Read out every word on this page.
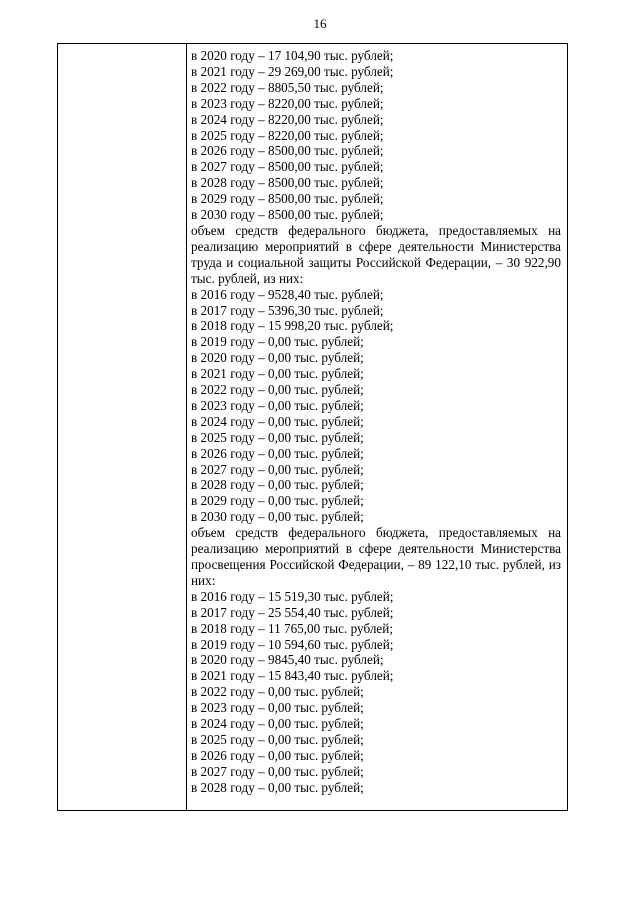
16
в 2020 году – 17 104,90 тыс. рублей;
в 2021 году – 29 269,00 тыс. рублей;
в 2022 году – 8805,50 тыс. рублей;
в 2023 году – 8220,00 тыс. рублей;
в 2024 году – 8220,00 тыс. рублей;
в 2025 году – 8220,00 тыс. рублей;
в 2026 году – 8500,00 тыс. рублей;
в 2027 году – 8500,00 тыс. рублей;
в 2028 году – 8500,00 тыс. рублей;
в 2029 году – 8500,00 тыс. рублей;
в 2030 году – 8500,00 тыс. рублей;
объем средств федерального бюджета, предоставляемых на реализацию мероприятий в сфере деятельности Министерства труда и социальной защиты Российской Федерации, – 30 922,90 тыс. рублей, из них:
в 2016 году – 9528,40 тыс. рублей;
в 2017 году – 5396,30 тыс. рублей;
в 2018 году – 15 998,20 тыс. рублей;
в 2019 году – 0,00 тыс. рублей;
в 2020 году – 0,00 тыс. рублей;
в 2021 году – 0,00 тыс. рублей;
в 2022 году – 0,00 тыс. рублей;
в 2023 году – 0,00 тыс. рублей;
в 2024 году – 0,00 тыс. рублей;
в 2025 году – 0,00 тыс. рублей;
в 2026 году – 0,00 тыс. рублей;
в 2027 году – 0,00 тыс. рублей;
в 2028 году – 0,00 тыс. рублей;
в 2029 году – 0,00 тыс. рублей;
в 2030 году – 0,00 тыс. рублей;
объем средств федерального бюджета, предоставляемых на реализацию мероприятий в сфере деятельности Министерства просвещения Российской Федерации, – 89 122,10 тыс. рублей, из них:
в 2016 году – 15 519,30 тыс. рублей;
в 2017 году – 25 554,40 тыс. рублей;
в 2018 году – 11 765,00 тыс. рублей;
в 2019 году – 10 594,60 тыс. рублей;
в 2020 году – 9845,40 тыс. рублей;
в 2021 году – 15 843,40 тыс. рублей;
в 2022 году – 0,00 тыс. рублей;
в 2023 году – 0,00 тыс. рублей;
в 2024 году – 0,00 тыс. рублей;
в 2025 году – 0,00 тыс. рублей;
в 2026 году – 0,00 тыс. рублей;
в 2027 году – 0,00 тыс. рублей;
в 2028 году – 0,00 тыс. рублей;
